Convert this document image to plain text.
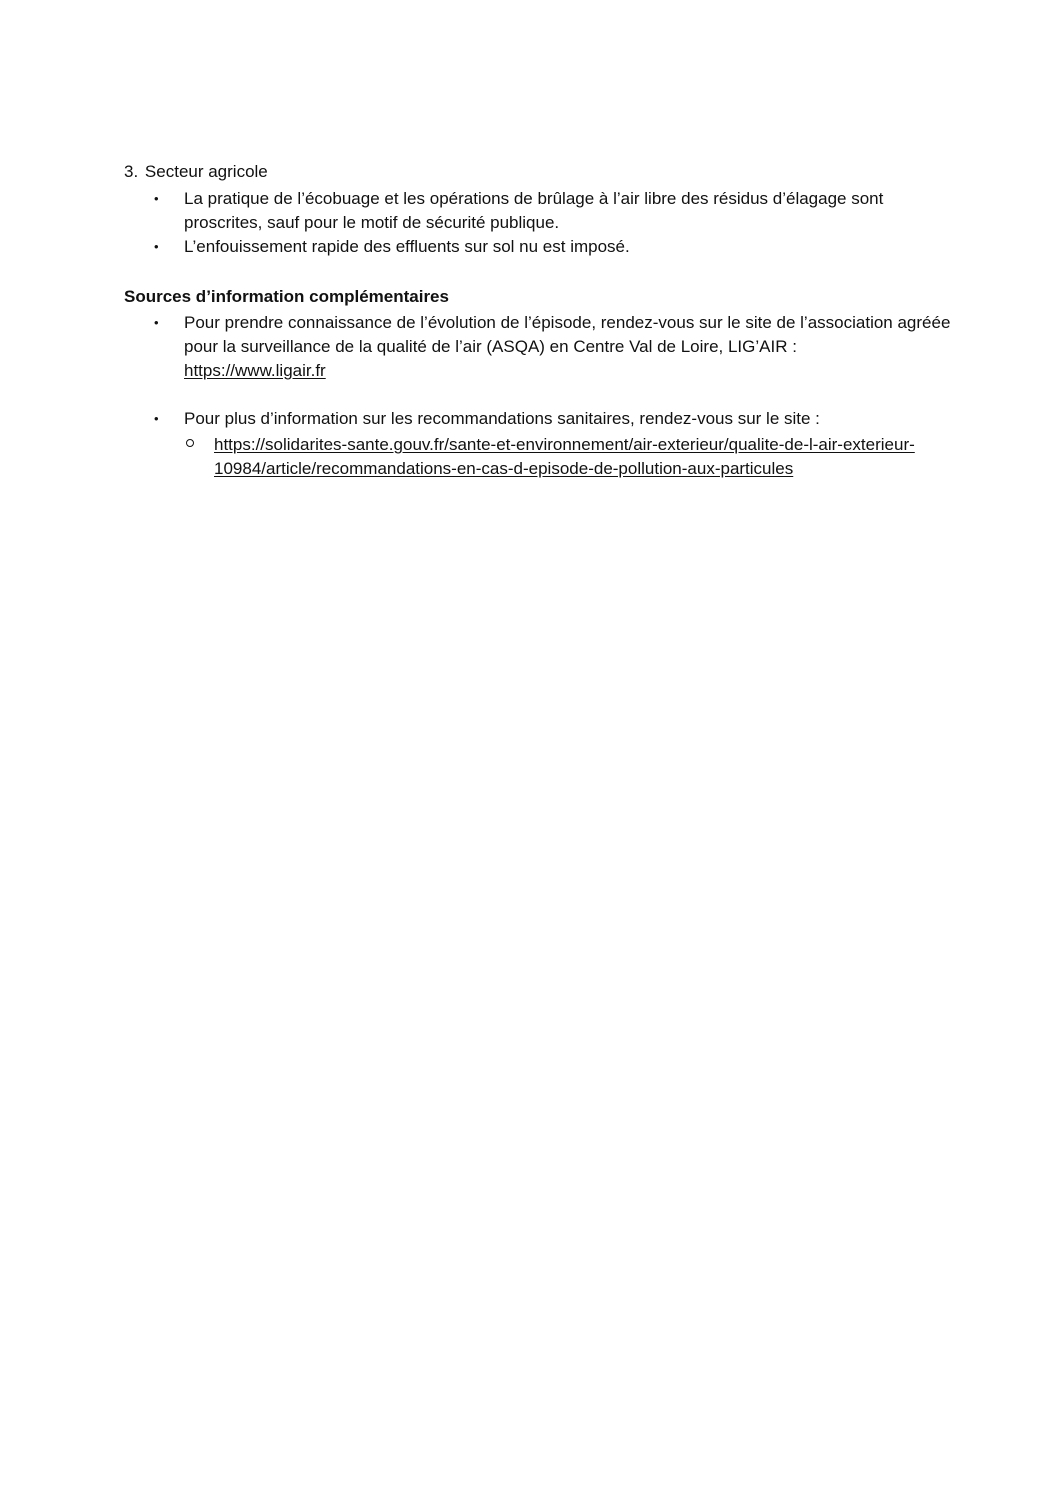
3. Secteur agricole
• La pratique de l’écobuage et les opérations de brûlage à l’air libre des résidus d’élagage sont proscrites, sauf pour le motif de sécurité publique.
• L’enfouissement rapide des effluents sur sol nu est imposé.
Sources d’information complémentaires
• Pour prendre connaissance de l’évolution de l’épisode, rendez-vous sur le site de l’association agréée pour la surveillance de la qualité de l’air (ASQA) en Centre Val de Loire, LIG’AIR :
https://www.ligair.fr
• Pour plus d’information sur les recommandations sanitaires, rendez-vous sur le site :
https://solidarites-sante.gouv.fr/sante-et-environnement/air-exterieur/qualite-de-l-air-exterieur-10984/article/recommandations-en-cas-d-episode-de-pollution-aux-particules
